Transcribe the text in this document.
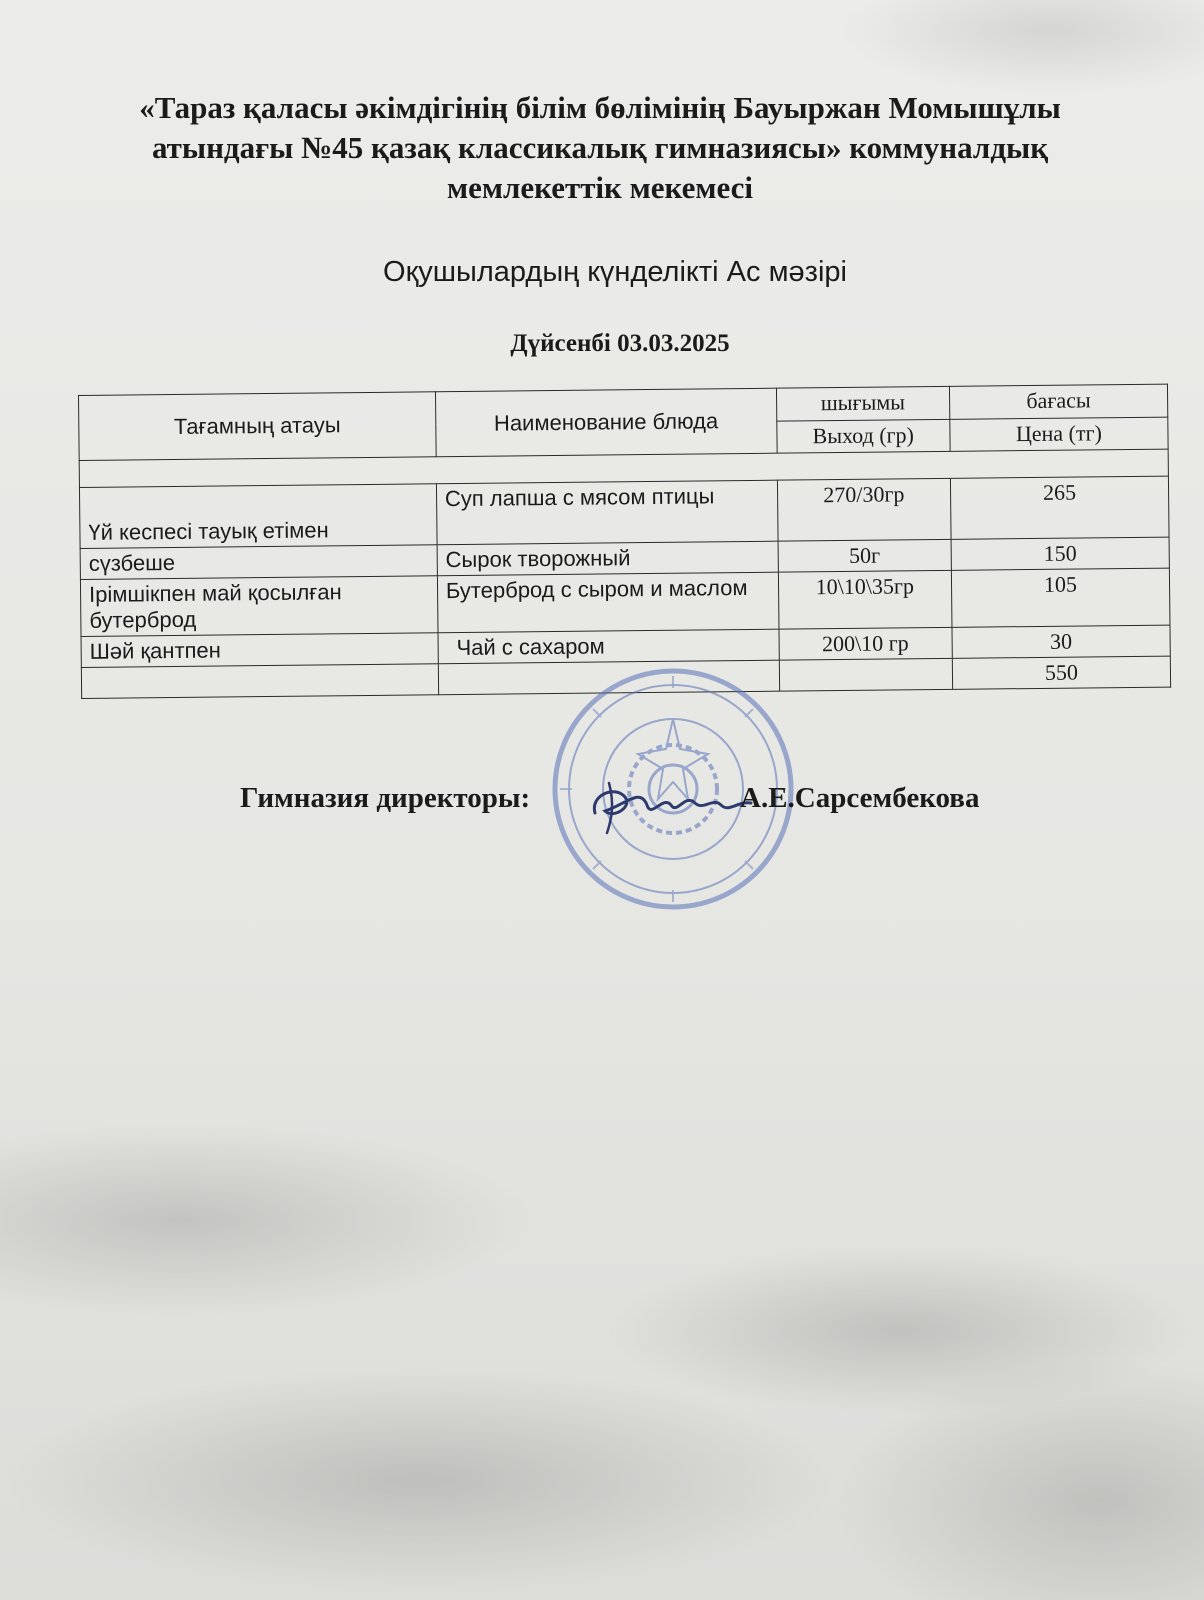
«Тараз қаласы әкімдігінің білім бөлімінің Бауыржан Момышұлы
атындағы №45 қазақ классикалық гимназиясы» коммуналдық
мемлекеттік мекемесі
Оқушылардың күнделікті Ас мәзірі
Дүйсенбі 03.03.2025
Тағамның атауы	Наименование блюда	шығымы	бағасы
		Выход (гр)	Цена (тг)

Үй кеспесі тауық етімен	Суп лапша с мясом птицы	270/30гр	265
сүзбеше	Сырок творожный	50г	150
Ірімшікпен май қосылған бутерброд	Бутерброд с сыром и маслом	10\10\35гр	105
Шәй қантпен	Чай с сахаром	200\10 гр	30
			550
Гимназия директоры:	А.Е.Сарсембекова
